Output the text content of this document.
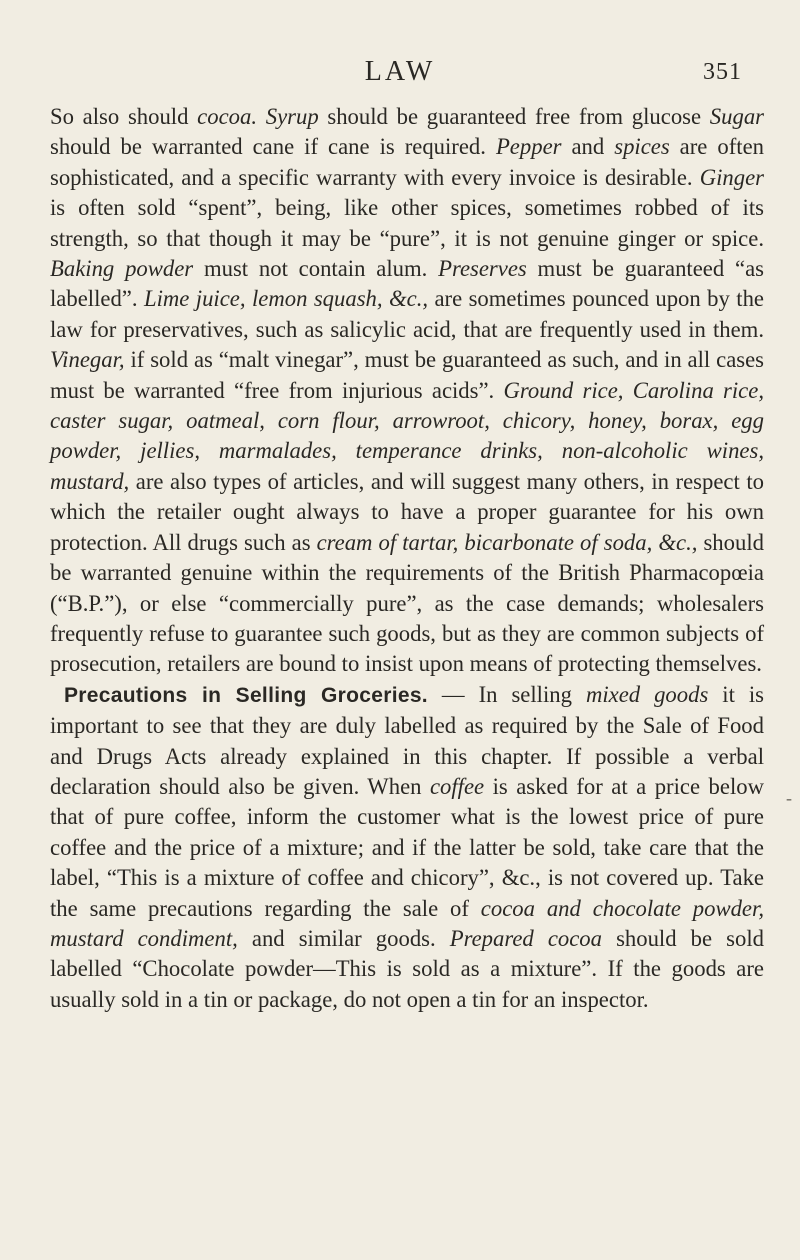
LAW	351

So also should cocoa. Syrup should be guaranteed free from glucose Sugar should be warranted cane if cane is required. Pepper and spices are often sophisticated, and a specific warranty with every invoice is desirable. Ginger is often sold “spent”, being, like other spices, sometimes robbed of its strength, so that though it may be “pure”, it is not genuine ginger or spice. Baking powder must not contain alum. Preserves must be guaranteed “as labelled”. Lime juice, lemon squash, &c., are sometimes pounced upon by the law for preservatives, such as salicylic acid, that are frequently used in them. Vinegar, if sold as “malt vinegar”, must be guaranteed as such, and in all cases must be warranted “free from injurious acids”. Ground rice, Carolina rice, caster sugar, oatmeal, corn flour, arrowroot, chicory, honey, borax, egg powder, jellies, marmalades, temperance drinks, non-alcoholic wines, mustard, are also types of articles, and will suggest many others, in respect to which the retailer ought always to have a proper guarantee for his own protection. All drugs such as cream of tartar, bicarbonate of soda, &c., should be warranted genuine within the requirements of the British Pharmacopœia (“B.P.”), or else “commercially pure”, as the case demands; wholesalers frequently refuse to guarantee such goods, but as they are common subjects of prosecution, retailers are bound to insist upon means of protecting themselves.

Precautions in Selling Groceries. — In selling mixed goods it is important to see that they are duly labelled as required by the Sale of Food and Drugs Acts already explained in this chapter. If possible a verbal declaration should also be given. When coffee is asked for at a price below that of pure coffee, inform the customer what is the lowest price of pure coffee and the price of a mixture; and if the latter be sold, take care that the label, “This is a mixture of coffee and chicory”, &c., is not covered up. Take the same precautions regarding the sale of cocoa and chocolate powder, mustard condiment, and similar goods. Prepared cocoa should be sold labelled “Chocolate powder—This is sold as a mixture”. If the goods are usually sold in a tin or package, do not open a tin for an inspector.

-
